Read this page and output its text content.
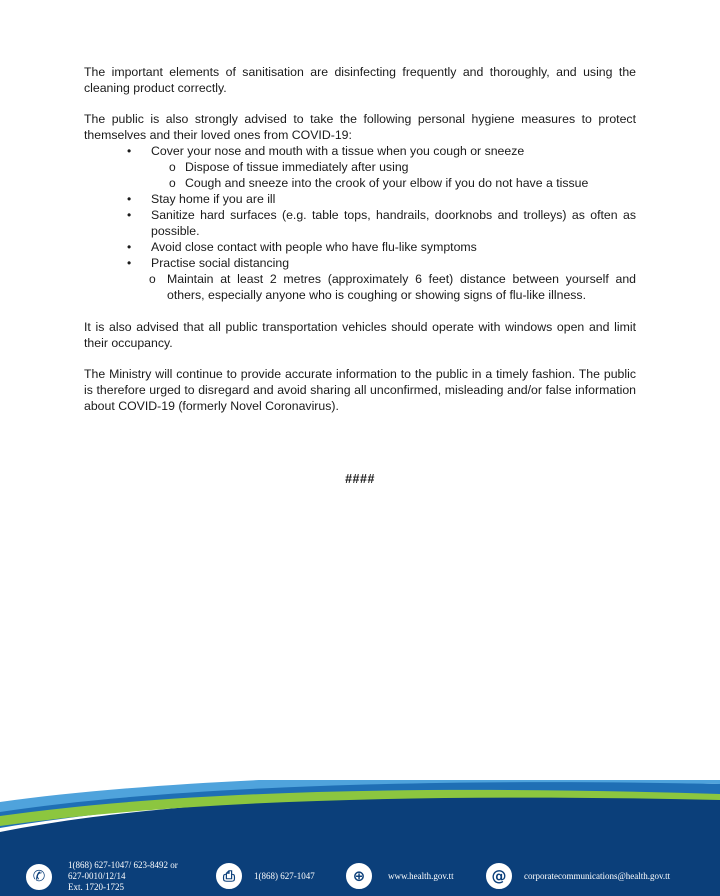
The important elements of sanitisation are disinfecting frequently and thoroughly, and using the cleaning product correctly.

The public is also strongly advised to take the following personal hygiene measures to protect themselves and their loved ones from COVID-19:

• Cover your nose and mouth with a tissue when you cough or sneeze
o Dispose of tissue immediately after using
o Cough and sneeze into the crook of your elbow if you do not have a tissue
• Stay home if you are ill
• Sanitize hard surfaces (e.g. table tops, handrails, doorknobs and trolleys) as often as possible.
• Avoid close contact with people who have flu-like symptoms
• Practise social distancing
o Maintain at least 2 metres (approximately 6 feet) distance between yourself and others, especially anyone who is coughing or showing signs of flu-like illness.

It is also advised that all public transportation vehicles should operate with windows open and limit their occupancy.

The Ministry will continue to provide accurate information to the public in a timely fashion. The public is therefore urged to disregard and avoid sharing all unconfirmed, misleading and/or false information about COVID-19 (formerly Novel Coronavirus).

####
✆
1(868) 627-1047/ 623-8492 or
627-0010/12/14
Ext. 1720-1725
⎙ 1(868) 627-1047	⊕	www.health.gov.tt	@ corporatecommunications@health.gov.tt
